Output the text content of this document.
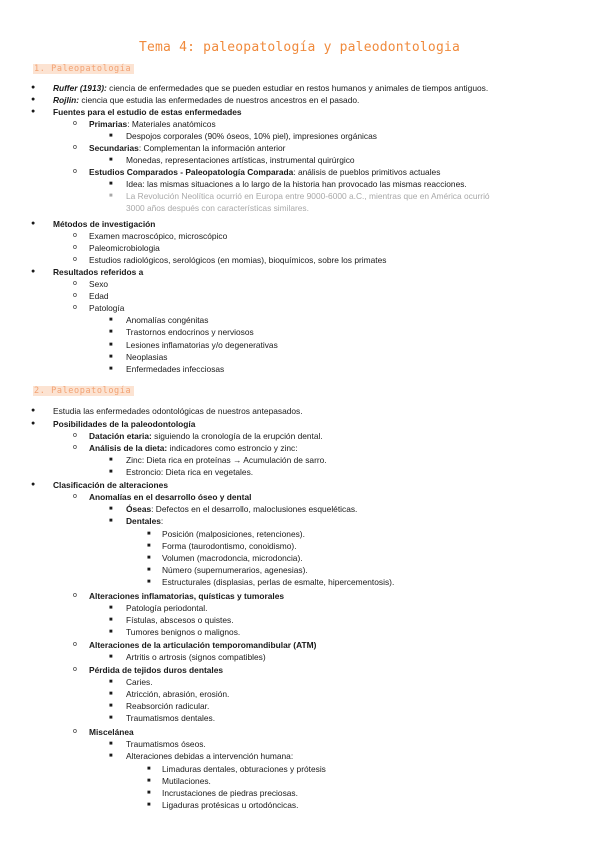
Tema 4: paleopatología y paleodontologia
1. Paleopatología
2. Paleopatología
● Ruffer (1913): ciencia de enfermedades que se pueden estudiar en restos humanos y animales de tiempos antiguos.
● Rojlin: ciencia que estudia las enfermedades de nuestros ancestros en el pasado.
● Fuentes para el estudio de estas enfermedades
o Primarias: Materiales anatómicos
■ Despojos corporales (90% óseos, 10% piel), impresiones orgánicas
o Secundarias: Complementan la información anterior
■ Monedas, representaciones artísticas, instrumental quirúrgico
o Estudios Comparados - Paleopatología Comparada: análisis de pueblos primitivos actuales
■ Idea: las mismas situaciones a lo largo de la historia han provocado las mismas reacciones.
■ La Revolución Neolítica ocurrió en Europa entre 9000-6000 a.C., mientras que en América ocurrió
3000 años después con características similares.
● Métodos de investigación
o Examen macroscópico, microscópico
o Paleomicrobiologia
o Estudios radiológicos, serológicos (en momias), bioquímicos, sobre los primates
● Resultados referidos a
o Sexo
o Edad
o Patología
■ Anomalías congénitas
■ Trastornos endocrinos y nerviosos
■ Lesiones inflamatorias y/o degenerativas
■ Neoplasias
■ Enfermedades infecciosas
● Estudia las enfermedades odontológicas de nuestros antepasados.
● Posibilidades de la paleodontología
o Datación etaria: siguiendo la cronología de la erupción dental.
o Análisis de la dieta: indicadores como estroncio y zinc:
■ Zinc: Dieta rica en proteínas → Acumulación de sarro.
■ Estroncio: Dieta rica en vegetales.
● Clasificación de alteraciones
o Anomalías en el desarrollo óseo y dental
■ Óseas: Defectos en el desarrollo, maloclusiones esqueléticas.
■ Dentales:
■ Posición (malposiciones, retenciones).
■ Forma (taurodontismo, conoidismo).
■ Volumen (macrodoncia, microdoncia).
■ Número (supernumerarios, agenesias).
■ Estructurales (displasias, perlas de esmalte, hipercementosis).
o Alteraciones inflamatorias, quísticas y tumorales
■ Patología periodontal.
■ Fístulas, abscesos o quistes.
■ Tumores benignos o malignos.
o Alteraciones de la articulación temporomandibular (ATM)
■ Artritis o artrosis (signos compatibles)
o Pérdida de tejidos duros dentales
■ Caries.
■ Atricción, abrasión, erosión.
■ Reabsorción radicular.
■ Traumatismos dentales.
o Miscelánea
■ Traumatismos óseos.
■ Alteraciones debidas a intervención humana:
■ Limaduras dentales, obturaciones y prótesis
■ Mutilaciones.
■ Incrustaciones de piedras preciosas.
■ Ligaduras protésicas u ortodóncicas.
